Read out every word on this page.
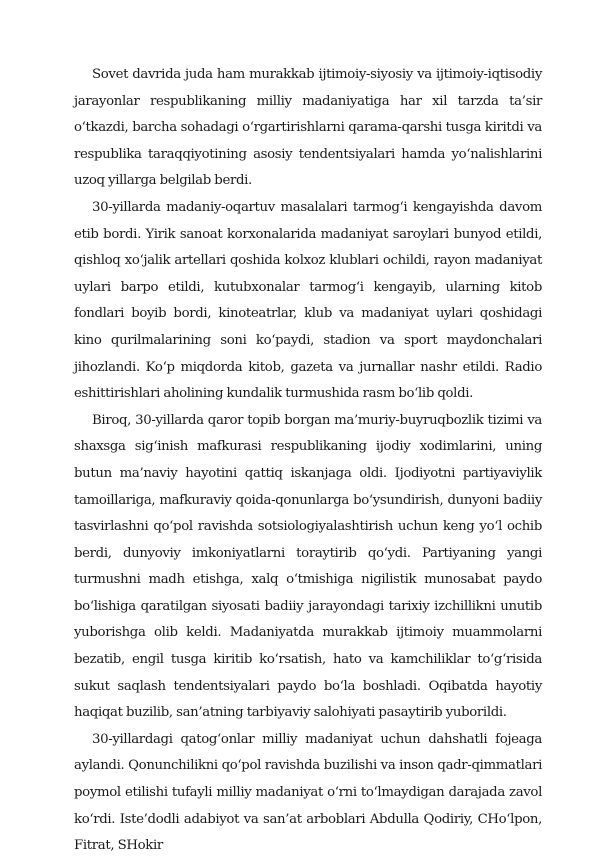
Sovet davrida juda ham murakkab ijtimoiy-siyosiy va ijtimoiy-iqtisodiy jarayonlar respublikaning milliy madaniyatiga har xil tarzda ta’sir o‘tkazdi, barcha sohadagi o‘rgartirishlarni qarama-qarshi tusga kiritdi va respublika taraqqiyotining asosiy tendentsiyalari hamda yo‘nalishlarini uzoq yillarga belgilab berdi.

30-yillarda madaniy-oqartuv masalalari tarmog‘i kengayishda davom etib bordi. Yirik sanoat korxonalarida madaniyat saroylari bunyod etildi, qishloq xo‘jalik artellari qoshida kolxoz klublari ochildi, rayon madaniyat uylari barpo etildi, kutubxonalar tarmog‘i kengayib, ularning kitob fondlari boyib bordi, kinoteatrlar, klub va madaniyat uylari qoshidagi kino qurilmalarining soni ko‘paydi, stadion va sport maydonchalari jihozlandi. Ko‘p miqdorda kitob, gazeta va jurnallar nashr etildi. Radio eshittirishlari aholining kundalik turmushida rasm bo‘lib qoldi.

Biroq, 30-yillarda qaror topib borgan ma’muriy-buyruqbozlik tizimi va shaxsga sig‘inish mafkurasi respublikaning ijodiy xodimlarini, uning butun ma’naviy hayotini qattiq iskanjaga oldi. Ijodiyotni partiyaviylik tamoillariga, mafkuraviy qoida-qonunlarga bo‘ysundirish, dunyoni badiiy tasvirlashni qo‘pol ravishda sotsiologiyalashtirish uchun keng yo‘l ochib berdi, dunyoviy imkoniyatlarni toraytirib qo‘ydi. Partiyaning yangi turmushni madh etishga, xalq o‘tmishiga nigilistik munosabat paydo bo‘lishiga qaratilgan siyosati badiiy jarayondagi tarixiy izchillikni unutib yuborishga olib keldi. Madaniyatda murakkab ijtimoiy muammolarni bezatib, engil tusga kiritib ko‘rsatish, hato va kamchiliklar to‘g‘risida sukut saqlash tendentsiyalari paydo bo‘la boshladi. Oqibatda hayotiy haqiqat buzilib, san’atning tarbiyaviy salohiyati pasaytirib yuborildi.

30-yillardagi qatog‘onlar milliy madaniyat uchun dahshatli fojeaga aylandi. Qonunchilikni qo‘pol ravishda buzilishi va inson qadr-qimmatlari poymol etilishi tufayli milliy madaniyat o‘rni to‘lmaydigan darajada zavol ko‘rdi. Iste’dodli adabiyot va san’at arboblari Abdulla Qodiriy, CHo‘lpon, Fitrat, SHokir
